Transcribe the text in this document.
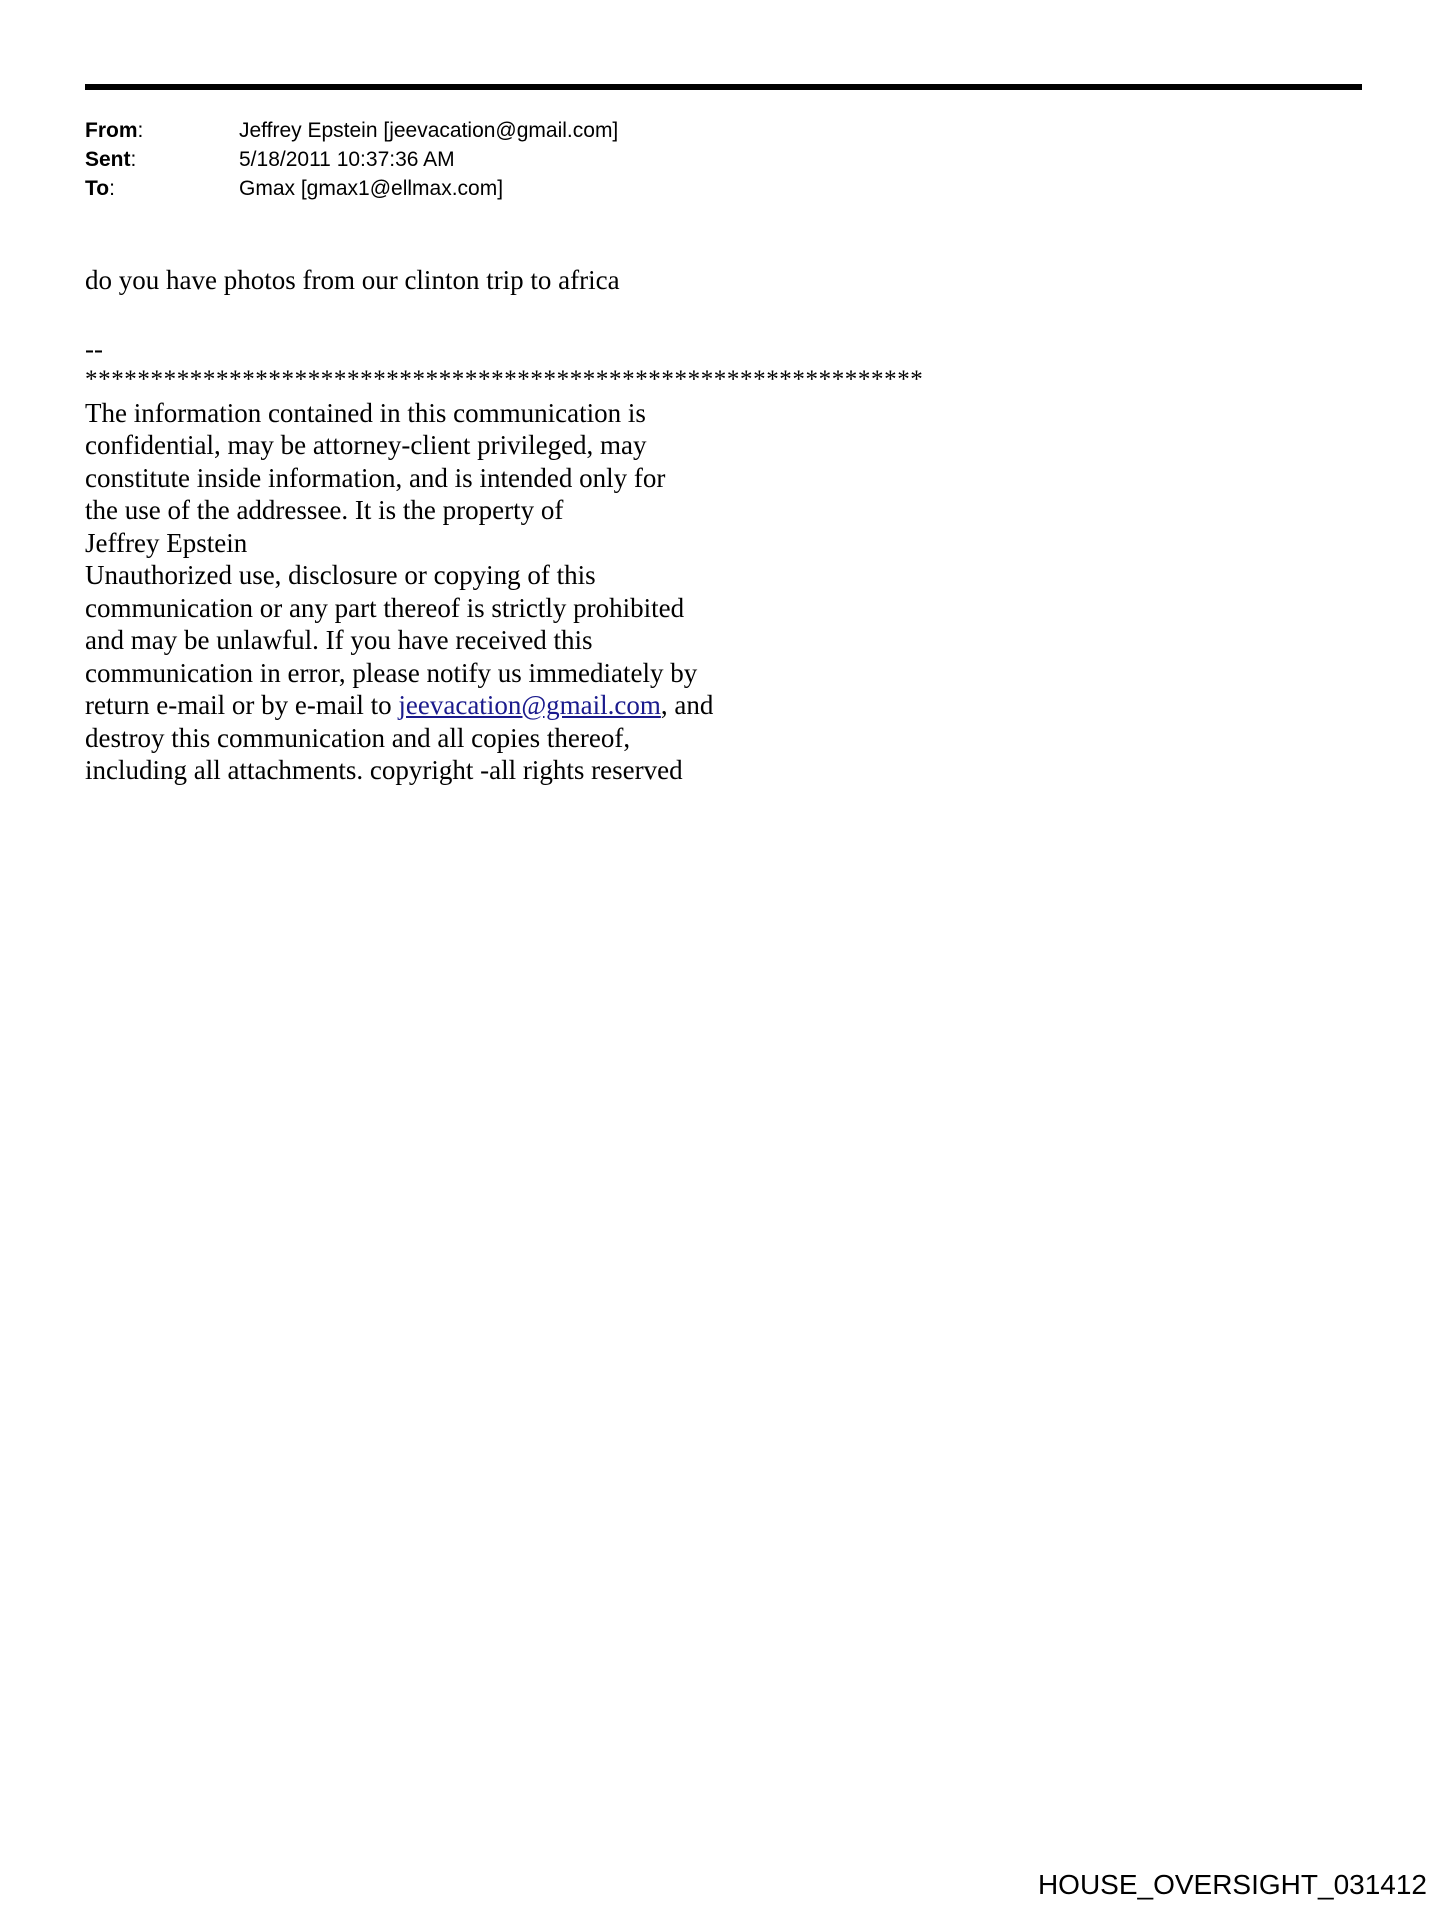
From:	Jeffrey Epstein [jeevacation@gmail.com]
Sent:	5/18/2011 10:37:36 AM
To:	Gmax [gmax1@ellmax.com]
do you have photos from our clinton trip to africa
--
****************************************************************
The information contained in this communication is
confidential, may be attorney-client privileged, may
constitute inside information, and is intended only for
the use of the addressee. It is the property of
Jeffrey Epstein
Unauthorized use, disclosure or copying of this
communication or any part thereof is strictly prohibited
and may be unlawful. If you have received this
communication in error, please notify us immediately by
return e-mail or by e-mail to jeevacation@gmail.com, and
destroy this communication and all copies thereof,
including all attachments. copyright -all rights reserved
HOUSE_OVERSIGHT_031412
